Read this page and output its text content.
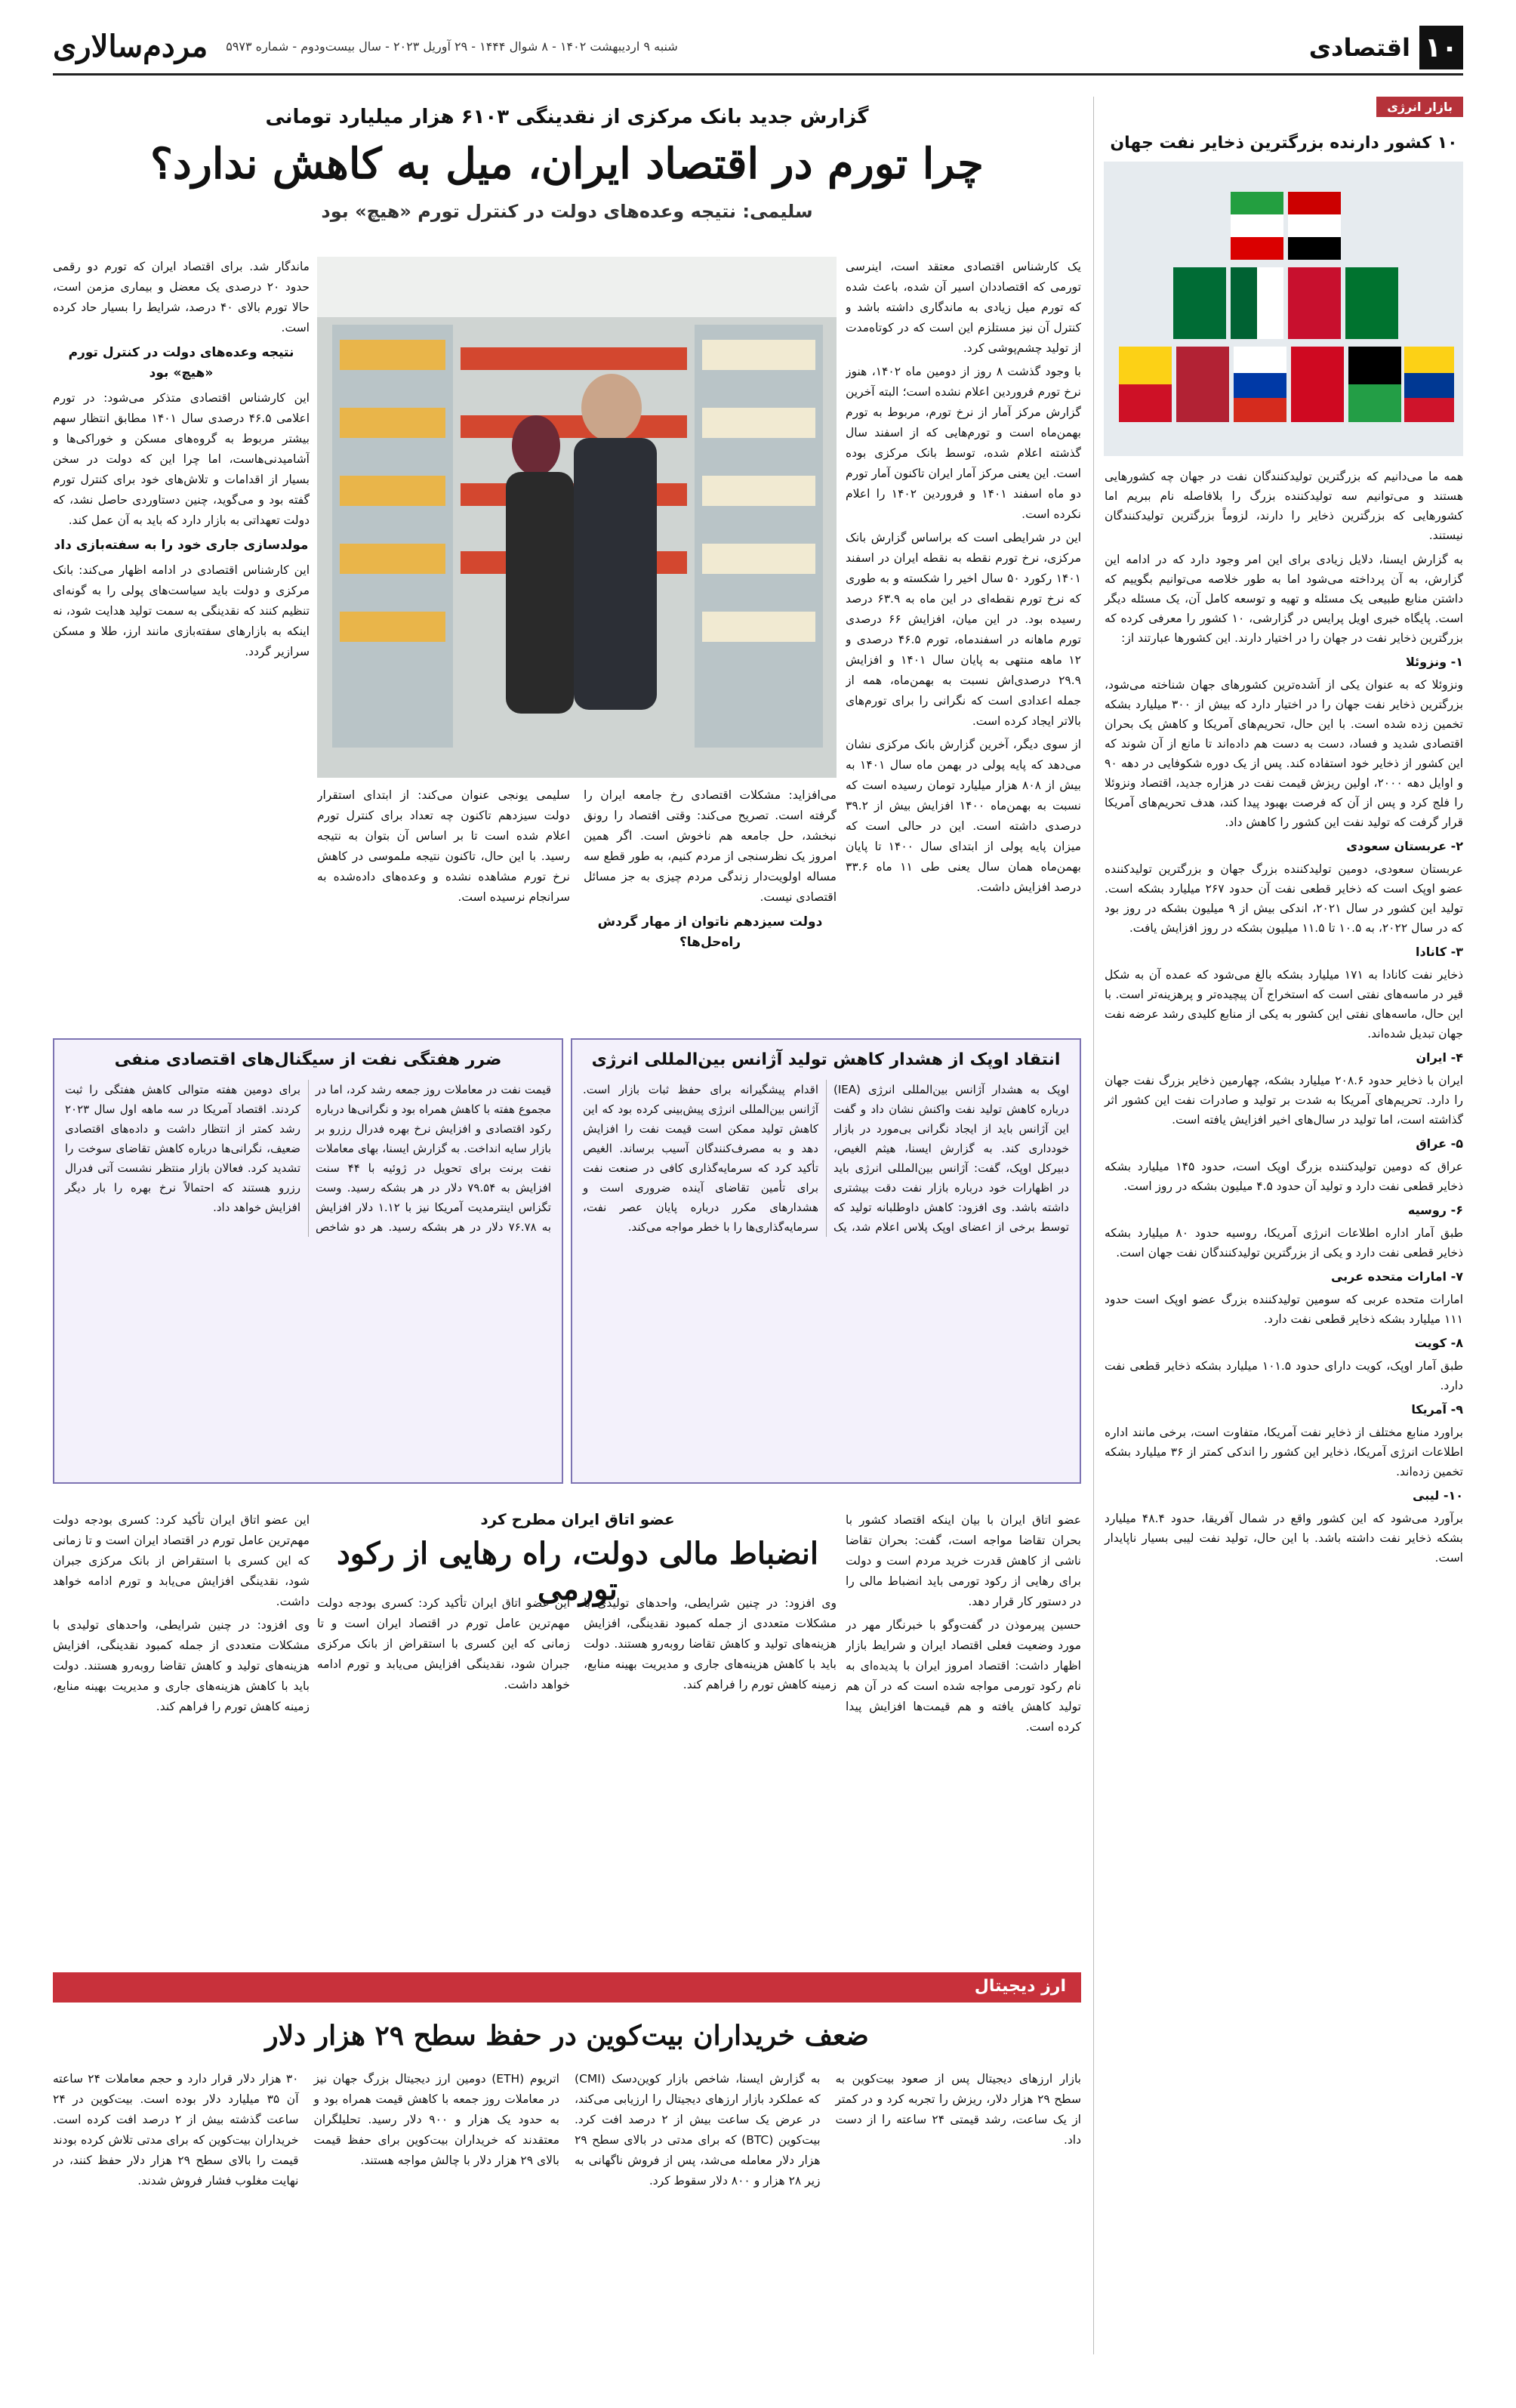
۱۰
اقتصادی
شنبه ۹ اردیبهشت ۱۴۰۲ - ۸ شوال ۱۴۴۴ - ۲۹ آوریل ۲۰۲۳ - سال بیست‌ودوم - شماره ۵۹۷۳
مردم‌سالاری
بازار انرژی
۱۰ کشور دارنده بزرگترین ذخایر نفت جهان

همه ما می‌دانیم که بزرگترین تولیدکنندگان نفت در جهان چه کشورهایی هستند و می‌توانیم سه تولیدکننده بزرگ را بلافاصله نام ببریم اما کشورهایی که بزرگترین ذخایر را دارند، لزوماً بزرگترین تولیدکنندگان نیستند.

به گزارش ایسنا، دلایل زیادی برای این امر وجود دارد که در ادامه این گزارش، به آن پرداخته می‌شود اما به طور خلاصه می‌توانیم بگوییم که داشتن منابع طبیعی یک مسئله و تهیه و توسعه کامل آن، یک مسئله دیگر است. پایگاه خبری اویل پرایس در گزارشی، ۱۰ کشور را معرفی کرده که بزرگترین ذخایر نفت در جهان را در اختیار دارند. این کشورها عبارتند از:

۱- ونزوئلا

ونزوئلا که به عنوان یکی از اَشده‌ترین کشورهای جهان شناخته می‌شود، بزرگترین ذخایر نفت جهان را در اختیار دارد که بیش از ۳۰۰ میلیارد بشکه تخمین زده شده است. با این حال، تحریم‌های آمریکا و کاهش یک بحران اقتصادی شدید و فساد، دست به دست هم داده‌اند تا مانع از آن شوند که این کشور از ذخایر خود استفاده کند. پس از یک دوره شکوفایی در دهه ۹۰ و اوایل دهه ۲۰۰۰، اولین ریزش قیمت نفت در هزاره جدید، اقتصاد ونزوئلا را فلج کرد و پس از آن که فرصت بهبود پیدا کند، هدف تحریم‌های آمریکا قرار گرفت که تولید نفت این کشور را کاهش داد.

۲- عربستان سعودی

عربستان سعودی، دومین تولیدکننده بزرگ جهان و بزرگترین تولیدکننده عضو اوپک است که ذخایر قطعی نفت آن حدود ۲۶۷ میلیارد بشکه است. تولید این کشور در سال ۲۰۲۱، اندکی بیش از ۹ میلیون بشکه در روز بود که در سال ۲۰۲۲، به ۱۰.۵ تا ۱۱.۵ میلیون بشکه در روز افزایش یافت.

۳- کانادا

ذخایر نفت کانادا به ۱۷۱ میلیارد بشکه بالغ می‌شود که عمده آن به شکل قیر در ماسه‌های نفتی است که استخراج آن پیچیده‌تر و پرهزینه‌تر است. با این حال، ماسه‌های نفتی این کشور به یکی از منابع کلیدی رشد عرضه نفت جهان تبدیل شده‌اند.

۴- ایران

ایران با ذخایر حدود ۲۰۸.۶ میلیارد بشکه، چهارمین ذخایر بزرگ نفت جهان را دارد. تحریم‌های آمریکا به شدت بر تولید و صادرات نفت این کشور اثر گذاشته است، اما تولید در سال‌های اخیر افزایش یافته است.

۵- عراق

عراق که دومین تولیدکننده بزرگ اوپک است، حدود ۱۴۵ میلیارد بشکه ذخایر قطعی نفت دارد و تولید آن حدود ۴.۵ میلیون بشکه در روز است.

۶- روسیه

طبق آمار اداره اطلاعات انرژی آمریکا، روسیه حدود ۸۰ میلیارد بشکه ذخایر قطعی نفت دارد و یکی از بزرگترین تولیدکنندگان نفت جهان است.

۷- امارات متحده عربی

امارات متحده عربی که سومین تولیدکننده بزرگ عضو اوپک است حدود ۱۱۱ میلیارد بشکه ذخایر قطعی نفت دارد.

۸- کویت

طبق آمار اوپک، کویت دارای حدود ۱۰۱.۵ میلیارد بشکه ذخایر قطعی نفت دارد.

۹- آمریکا

براورد منابع مختلف از ذخایر نفت آمریکا، متفاوت است، برخی مانند اداره اطلاعات انرژی آمریکا، ذخایر این کشور را اندکی کمتر از ۳۶ میلیارد بشکه تخمین زده‌اند.

۱۰- لیبی

برآورد می‌شود که این کشور واقع در شمال آفریقا، حدود ۴۸.۴ میلیارد بشکه ذخایر نفت داشته باشد. با این حال، تولید نفت لیبی بسیار ناپایدار است.

گزارش جدید بانک مرکزی از نقدینگی ۶۱۰۳ هزار میلیارد تومانی
چرا تورم در اقتصاد ایران، میل به کاهش ندارد؟
سلیمی: نتیجه وعده‌های دولت در کنترل تورم «هیچ» بود

یک کارشناس اقتصادی معتقد است، اینرسی تورمی که اقتصاددان اسیر آن شده، باعث شده که تورم میل زیادی به ماندگاری داشته باشد و کنترل آن نیز مستلزم این است که در کوتاه‌مدت از تولید چشم‌پوشی کرد.

با وجود گذشت ۸ روز از دومین ماه ۱۴۰۲، هنوز نرخ تورم فروردین اعلام نشده است؛ البته آخرین گزارش مرکز آمار از نرخ تورم، مربوط به تورم بهمن‌ماه است و تورم‌هایی که از اسفند سال گذشته اعلام شده، توسط بانک مرکزی بوده است. این یعنی مرکز آمار ایران تاکنون آمار تورم دو ماه اسفند ۱۴۰۱ و فروردین ۱۴۰۲ را اعلام نکرده است.

این در شرایطی است که براساس گزارش بانک مرکزی، نرخ تورم نقطه به نقطه ایران در اسفند ۱۴۰۱ رکورد ۵۰ سال اخیر را شکسته و به طوری که نرخ تورم نقطه‌ای در این ماه به ۶۳.۹ درصد رسیده بود. در این میان، افزایش ۶۶ درصدی تورم ماهانه در اسفندماه، تورم ۴۶.۵ درصدی و ۱۲ ماهه منتهی به پایان سال ۱۴۰۱ و افزایش ۲۹.۹ درصدی‌اش نسبت به بهمن‌ماه، همه از جمله اعدادی است که نگرانی را برای تورم‌های بالاتر ایجاد کرده است.

از سوی دیگر، آخرین گزارش بانک مرکزی نشان می‌دهد که پایه پولی در بهمن ماه سال ۱۴۰۱ به بیش از ۸۰۸ هزار میلیارد تومان رسیده است که نسبت به بهمن‌ماه ۱۴۰۰ افزایش بیش از ۳۹.۲ درصدی داشته است. این در حالی است که میزان پایه پولی از ابتدای سال ۱۴۰۰ تا پایان بهمن‌ماه همان سال یعنی طی ۱۱ ماه ۳۳.۶ درصد افزایش داشت.

ماندگار شد. برای اقتصاد ایران که تورم دو رقمی حدود ۲۰ درصدی یک معضل و بیماری مزمن است، حالا تورم بالای ۴۰ درصد، شرایط را بسیار حاد کرده است.

نتیجه وعده‌های دولت در کنترل تورم «هیچ» بود

این کارشناس اقتصادی متذکر می‌شود: در تورم اعلامی ۴۶.۵ درصدی سال ۱۴۰۱ مطابق انتظار سهم بیشتر مربوط به گروه‌های مسکن و خوراکی‌ها و آشامیدنی‌هاست، اما چرا این که دولت در سخن بسیار از اقدامات و تلاش‌های خود برای کنترل تورم گفته بود و می‌گوید، چنین دستاوردی حاصل نشد، که دولت تعهداتی به بازار دارد که باید به آن عمل کند.

مولدسازی جاری خود را به سفته‌بازی داد

این کارشناس اقتصادی در ادامه اظهار می‌کند: بانک مرکزی و دولت باید سیاست‌های پولی را به گونه‌ای تنظیم کنند که نقدینگی به سمت تولید هدایت شود، نه اینکه به بازارهای سفته‌بازی مانند ارز، طلا و مسکن سرازیر گردد.

می‌افزاید: مشکلات اقتصادی رخ جامعه ایران را گرفته است. تصریح می‌کند: وقتی اقتصاد را رونق نبخشد، حل جامعه هم ناخوش است. اگر همین امروز یک نظرسنجی از مردم کنیم، به طور قطع سه مساله اولویت‌دار زندگی مردم چیزی به جز مسائل اقتصادی نیست.

دولت سیزدهم ناتوان از مهار گردش راه‌حل‌ها؟

سلیمی یونجی عنوان می‌کند: از ابتدای استقرار دولت سیزدهم تاکنون چه تعداد برای کنترل تورم اعلام شده است تا بر اساس آن بتوان به نتیجه رسید. با این حال، تاکنون نتیجه ملموسی در کاهش نرخ تورم مشاهده نشده و وعده‌های داده‌شده به سرانجام نرسیده است.

انتقاد اوپک از هشدار کاهش تولید آژانس بین‌المللی انرژی
اوپک به هشدار آژانس بین‌المللی انرژی (IEA) درباره کاهش تولید نفت واکنش نشان داد و گفت این آژانس باید از ایجاد نگرانی بی‌مورد در بازار خودداری کند. به گزارش ایسنا، هیثم الغیص، دبیرکل اوپک، گفت: آژانس بین‌المللی انرژی باید در اظهارات خود درباره بازار نفت دقت بیشتری داشته باشد. وی افزود: کاهش داوطلبانه تولید که توسط برخی از اعضای اوپک پلاس اعلام شد، یک اقدام پیشگیرانه برای حفظ ثبات بازار است. آژانس بین‌المللی انرژی پیش‌بینی کرده بود که این کاهش تولید ممکن است قیمت نفت را افزایش دهد و به مصرف‌کنندگان آسیب برساند. الغیص تأکید کرد که سرمایه‌گذاری کافی در صنعت نفت برای تأمین تقاضای آینده ضروری است و هشدارهای مکرر درباره پایان عصر نفت، سرمایه‌گذاری‌ها را با خطر مواجه می‌کند.
ضرر هفتگی نفت از سیگنال‌های اقتصادی منفی
قیمت نفت در معاملات روز جمعه رشد کرد، اما در مجموع هفته با کاهش همراه بود و نگرانی‌ها درباره رکود اقتصادی و افزایش نرخ بهره فدرال رزرو بر بازار سایه انداخت. به گزارش ایسنا، بهای معاملات نفت برنت برای تحویل در ژوئیه با ۴۴ سنت افزایش به ۷۹.۵۴ دلار در هر بشکه رسید. وست تگزاس اینترمدیت آمریکا نیز با ۱.۱۲ دلار افزایش به ۷۶.۷۸ دلار در هر بشکه رسید. هر دو شاخص برای دومین هفته متوالی کاهش هفتگی را ثبت کردند. اقتصاد آمریکا در سه ماهه اول سال ۲۰۲۳ رشد کمتر از انتظار داشت و داده‌های اقتصادی ضعیف، نگرانی‌ها درباره کاهش تقاضای سوخت را تشدید کرد. فعالان بازار منتظر نشست آتی فدرال رزرو هستند که احتمالاً نرخ بهره را بار دیگر افزایش خواهد داد.
عضو اتاق ایران مطرح کرد
انضباط مالی دولت، راه رهایی از رکود تورمی

عضو اتاق ایران با بیان اینکه اقتصاد کشور با بحران تقاضا مواجه است، گفت: بحران تقاضا ناشی از کاهش قدرت خرید مردم است و دولت برای رهایی از رکود تورمی باید انضباط مالی را در دستور کار قرار دهد.

حسین پیرموذن در گفت‌وگو با خبرنگار مهر در مورد وضعیت فعلی اقتصاد ایران و شرایط بازار اظهار داشت: اقتصاد امروز ایران با پدیده‌ای به نام رکود تورمی مواجه شده است که در آن هم تولید کاهش یافته و هم قیمت‌ها افزایش پیدا کرده است.

وی افزود: در چنین شرایطی، واحدهای تولیدی با مشکلات متعددی از جمله کمبود نقدینگی، افزایش هزینه‌های تولید و کاهش تقاضا روبه‌رو هستند. دولت باید با کاهش هزینه‌های جاری و مدیریت بهینه منابع، زمینه کاهش تورم را فراهم کند.

این عضو اتاق ایران تأکید کرد: کسری بودجه دولت مهم‌ترین عامل تورم در اقتصاد ایران است و تا زمانی که این کسری با استقراض از بانک مرکزی جبران شود، نقدینگی افزایش می‌یابد و تورم ادامه خواهد داشت.

این عضو اتاق ایران تأکید کرد: کسری بودجه دولت مهم‌ترین عامل تورم در اقتصاد ایران است و تا زمانی که این کسری با استقراض از بانک مرکزی جبران شود، نقدینگی افزایش می‌یابد و تورم ادامه خواهد داشت.

وی افزود: در چنین شرایطی، واحدهای تولیدی با مشکلات متعددی از جمله کمبود نقدینگی، افزایش هزینه‌های تولید و کاهش تقاضا روبه‌رو هستند. دولت باید با کاهش هزینه‌های جاری و مدیریت بهینه منابع، زمینه کاهش تورم را فراهم کند.

ارز دیجیتال
ضعف خریداران بیت‌کوین در حفظ سطح ۲۹ هزار دلار

بازار ارزهای دیجیتال پس از صعود بیت‌کوین به سطح ۲۹ هزار دلار، ریزش را تجربه کرد و در کمتر از یک ساعت، رشد قیمتی ۲۴ ساعته را از دست داد.

به گزارش ایسنا، شاخص بازار کوین‌دسک (CMI) که عملکرد بازار ارزهای دیجیتال را ارزیابی می‌کند، در عرض یک ساعت بیش از ۲ درصد افت کرد. بیت‌کوین (BTC) که برای مدتی در بالای سطح ۲۹ هزار دلار معامله می‌شد، پس از فروش ناگهانی به زیر ۲۸ هزار و ۸۰۰ دلار سقوط کرد.

اتریوم (ETH) دومین ارز دیجیتال بزرگ جهان نیز در معاملات روز جمعه با کاهش قیمت همراه بود و به حدود یک هزار و ۹۰۰ دلار رسید. تحلیلگران معتقدند که خریداران بیت‌کوین برای حفظ قیمت بالای ۲۹ هزار دلار با چالش مواجه هستند.

۳۰ هزار دلار قرار دارد و حجم معاملات ۲۴ ساعته آن ۳۵ میلیارد دلار بوده است. بیت‌کوین در ۲۴ ساعت گذشته بیش از ۲ درصد افت کرده است. خریداران بیت‌کوین که برای مدتی تلاش کرده بودند قیمت را بالای سطح ۲۹ هزار دلار حفظ کنند، در نهایت مغلوب فشار فروش شدند.
